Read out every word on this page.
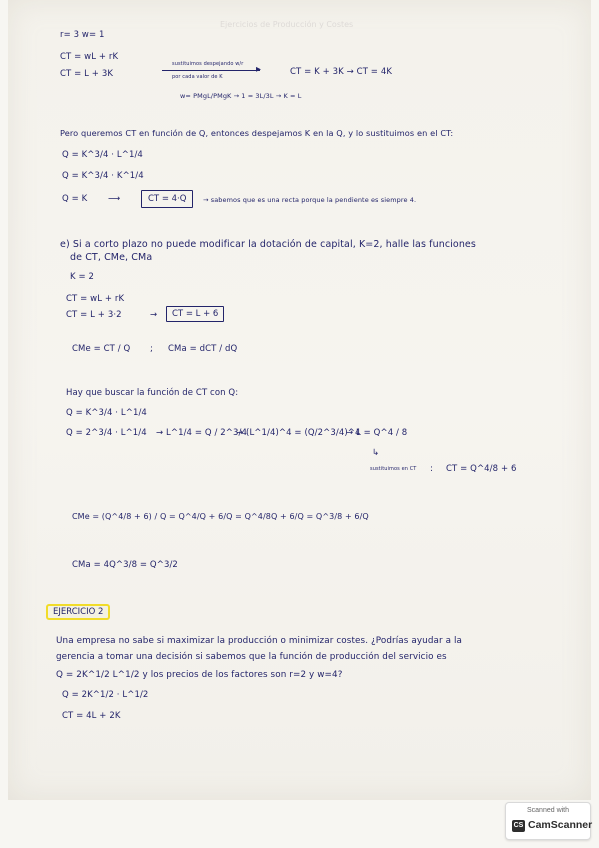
Ejercicios de Producción y Costes
r= 3 w= 1
CT = wL + rK
CT = L + 3K
sustituimos despejando w/r
▶
por cada valor de K	CT = K + 3K → CT = 4K
w= PMgL/PMgK → 1 = 3L/3L → K = L
Pero queremos CT en función de Q, entonces despejamos K en la Q, y lo sustituimos en el CT:
Q = K^3/4 · L^1/4
Q = K^3/4 · K^1/4
Q = K ⟶	CT = 4·Q	→ sabemos que es una recta porque la pendiente es siempre 4.
e) Si a corto plazo no puede modificar la dotación de capital, K=2, halle las funciones
de CT, CMe, CMa
K = 2
CT = wL + rK
CT = L + 3·2	→	CT = L + 6
CMe = CT / Q ; CMa = dCT / dQ
Hay que buscar la función de CT con Q:
Q = K^3/4 · L^1/4
Q = 2^3/4 · L^1/4 → L^1/4 = Q / 2^3/4
→ (L^1/4)^4 = (Q/2^3/4)^4
→ L = Q^4 / 8
↳
sustituimos en CT : CT = Q^4/8 + 6
CMe = (Q^4/8 + 6) / Q = Q^4/Q + 6/Q = Q^4/8Q + 6/Q = Q^3/8 + 6/Q
CMa = 4Q^3/8 = Q^3/2
EJERCICIO 2
Una empresa no sabe si maximizar la producción o minimizar costes. ¿Podrías ayudar a la
gerencia a tomar una decisión si sabemos que la función de producción del servicio es
Q = 2K^1/2 L^1/2 y los precios de los factores son r=2 y w=4?
Q = 2K^1/2 · L^1/2
CT = 4L + 2K
Scanned with
CS CamScanner
